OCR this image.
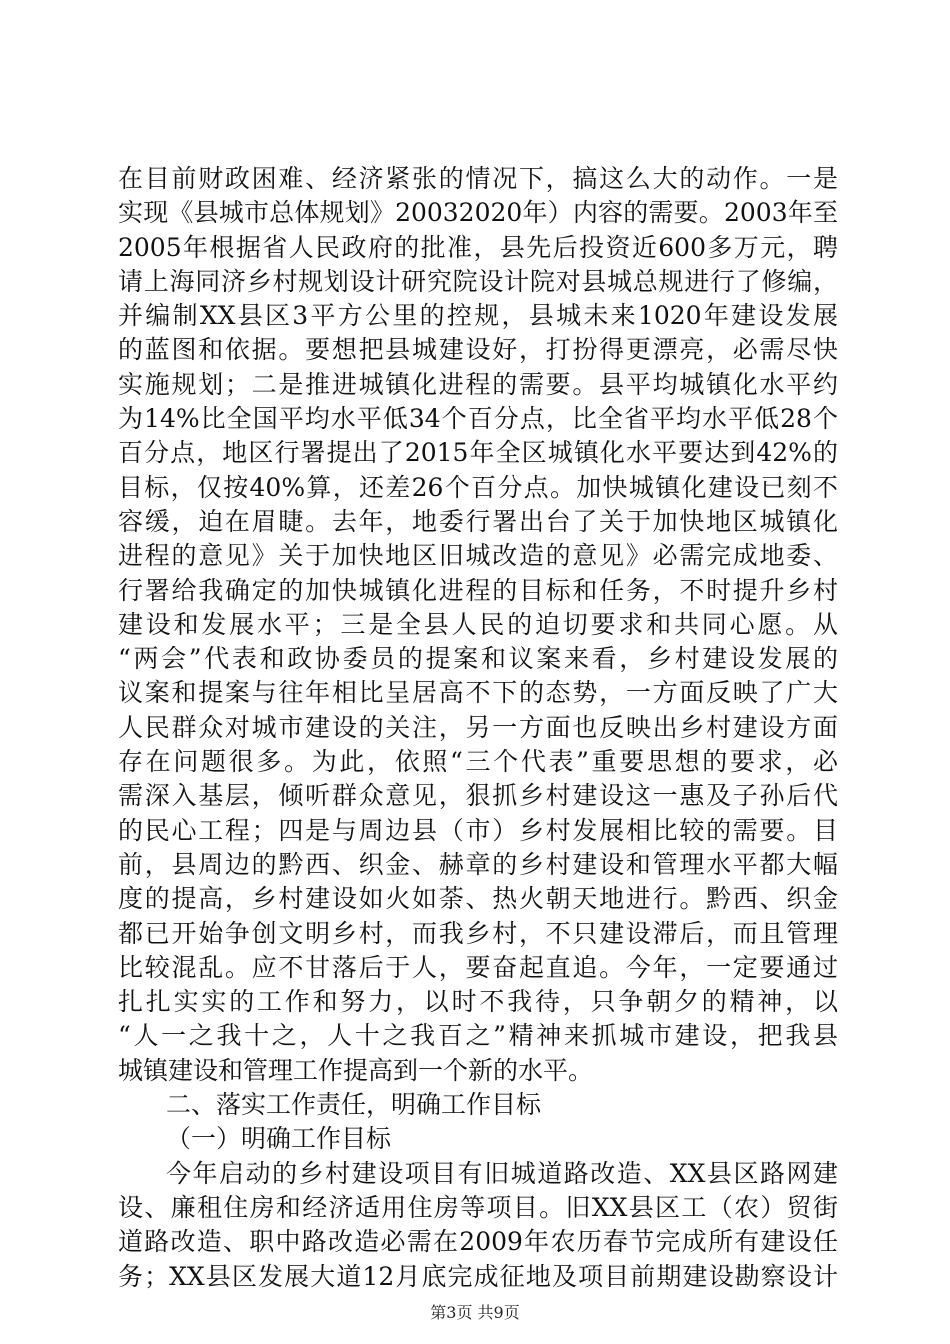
在目前财政困难、经济紧张的情况下，搞这么大的动作。一是
实现《县城市总体规划》20032020年）内容的需要。2003年至
2005年根据省人民政府的批准，县先后投资近600多万元，聘
请上海同济乡村规划设计研究院设计院对县城总规进行了修编，
并编制XX县区3平方公里的控规，县城未来1020年建设发展
的蓝图和依据。要想把县城建设好，打扮得更漂亮，必需尽快
实施规划；二是推进城镇化进程的需要。县平均城镇化水平约
为14%比全国平均水平低34个百分点，比全省平均水平低28个
百分点，地区行署提出了2015年全区城镇化水平要达到42%的
目标，仅按40%算，还差26个百分点。加快城镇化建设已刻不
容缓，迫在眉睫。去年，地委行署出台了关于加快地区城镇化
进程的意见》关于加快地区旧城改造的意见》必需完成地委、
行署给我确定的加快城镇化进程的目标和任务，不时提升乡村
建设和发展水平；三是全县人民的迫切要求和共同心愿。从
“两会”代表和政协委员的提案和议案来看，乡村建设发展的
议案和提案与往年相比呈居高不下的态势，一方面反映了广大
人民群众对城市建设的关注，另一方面也反映出乡村建设方面
存在问题很多。为此，依照“三个代表”重要思想的要求，必
需深入基层，倾听群众意见，狠抓乡村建设这一惠及子孙后代
的民心工程；四是与周边县（市）乡村发展相比较的需要。目
前，县周边的黔西、织金、赫章的乡村建设和管理水平都大幅
度的提高，乡村建设如火如荼、热火朝天地进行。黔西、织金
都已开始争创文明乡村，而我乡村，不只建设滞后，而且管理
比较混乱。应不甘落后于人，要奋起直追。今年，一定要通过
扎扎实实的工作和努力，以时不我待，只争朝夕的精神，以
“人一之我十之，人十之我百之”精神来抓城市建设，把我县
城镇建设和管理工作提高到一个新的水平。
二、落实工作责任，明确工作目标
（一）明确工作目标
今年启动的乡村建设项目有旧城道路改造、XX县区路网建
设、廉租住房和经济适用住房等项目。旧XX县区工（农）贸街
道路改造、职中路改造必需在2009年农历春节完成所有建设任
务；XX县区发展大道12月底完成征地及项目前期建设勘察设计
第3页 共9页
